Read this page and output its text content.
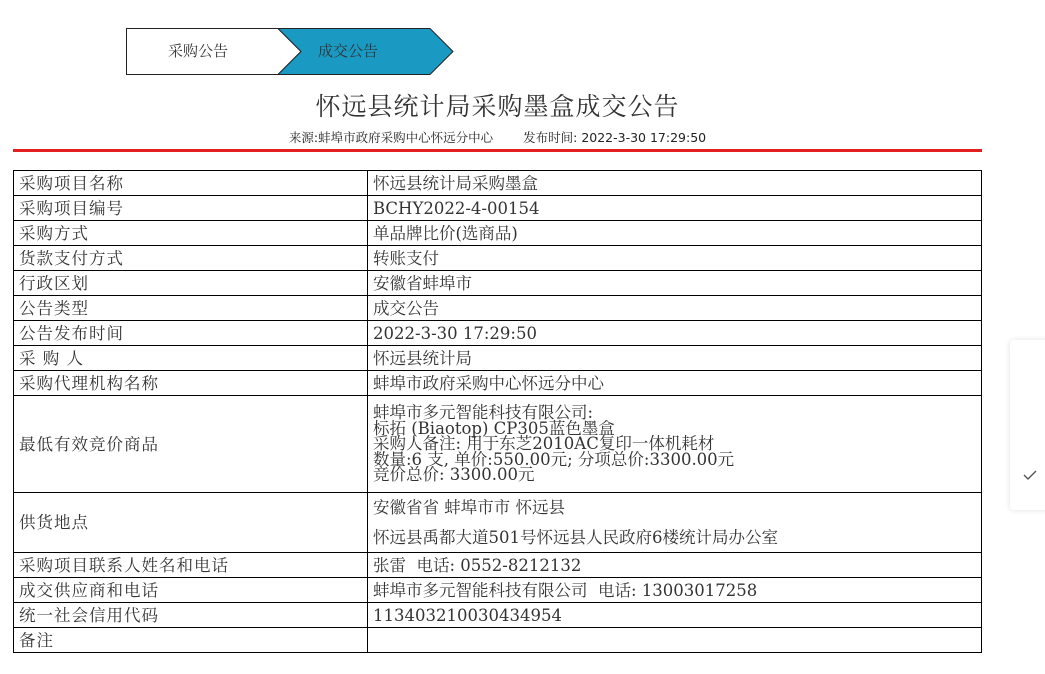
采购公告	成交公告
怀远县统计局采购墨盒成交公告
来源:蚌埠市政府采购中心怀远分中心 发布时间: 2022-3-30 17:29:50
采购项目名称	怀远县统计局采购墨盒
采购项目编号	BCHY2022-4-00154
采购方式	单品牌比价(选商品)
货款支付方式	转账支付
行政区划	安徽省蚌埠市
公告类型	成交公告
公告发布时间	2022-3-30 17:29:50
采 购 人	怀远县统计局
采购代理机构名称	蚌埠市政府采购中心怀远分中心
最低有效竞价商品	蚌埠市多元智能科技有限公司:
标拓 (Biaotop) CP305蓝色墨盒
采购人备注: 用于东芝2010AC复印一体机耗材
数量:6 支, 单价:550.00元; 分项总价:3300.00元
竞价总价: 3300.00元

供货地点	安徽省省 蚌埠市市 怀远县
怀远县禹都大道501号怀远县人民政府6楼统计局办公室

采购项目联系人姓名和电话	张雷  电话: 0552-8212132
成交供应商和电话	蚌埠市多元智能科技有限公司  电话: 13003017258
统一社会信用代码	113403210030434954
备注	
